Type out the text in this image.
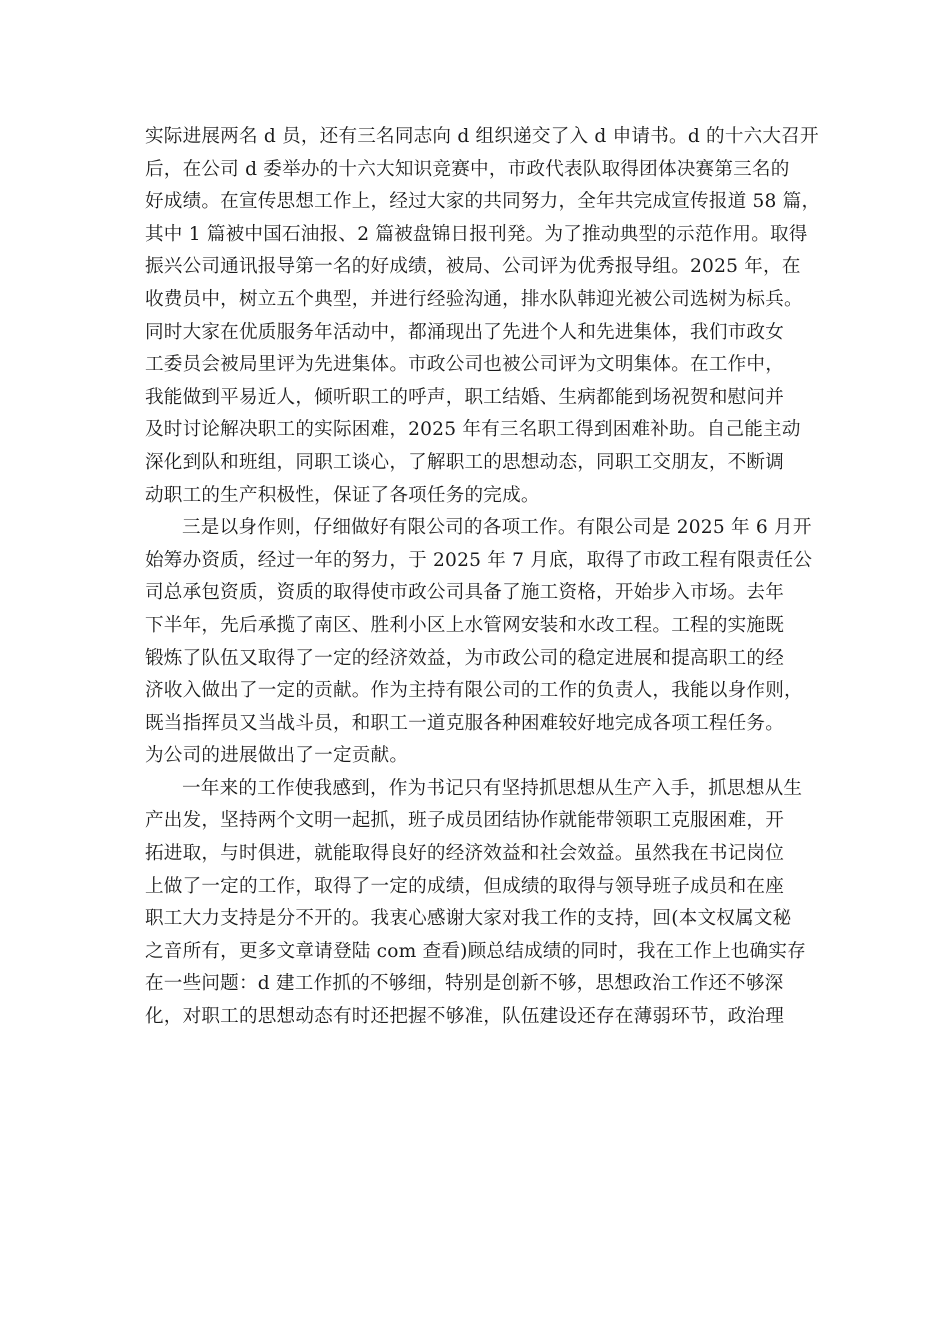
实际进展两名 d 员，还有三名同志向 d 组织递交了入 d 申请书。d 的十六大召开
后，在公司 d 委举办的十六大知识竞赛中，市政代表队取得团体决赛第三名的
好成绩。在宣传思想工作上，经过大家的共同努力，全年共完成宣传报道 58 篇，
其中 1 篇被中国石油报、2 篇被盘锦日报刊発。为了推动典型的示范作用。取得
振兴公司通讯报导第一名的好成绩，被局、公司评为优秀报导组。2025 年，在
收费员中，树立五个典型，并进行经验沟通，排水队韩迎光被公司选树为标兵。
同时大家在优质服务年活动中，都涌现出了先进个人和先进集体，我们市政女
工委员会被局里评为先进集体。市政公司也被公司评为文明集体。在工作中，
我能做到平易近人，倾听职工的呼声，职工结婚、生病都能到场祝贺和慰问并
及时讨论解决职工的实际困难，2025 年有三名职工得到困难补助。自己能主动
深化到队和班组，同职工谈心，了解职工的思想动态，同职工交朋友，不断调
动职工的生产积极性，保证了各项任务的完成。
三是以身作则，仔细做好有限公司的各项工作。有限公司是 2025 年 6 月开
始筹办资质，经过一年的努力，于 2025 年 7 月底，取得了市政工程有限责任公
司总承包资质，资质的取得使市政公司具备了施工资格，开始步入市场。去年
下半年，先后承揽了南区、胜利小区上水管网安装和水改工程。工程的实施既
锻炼了队伍又取得了一定的经济效益，为市政公司的稳定进展和提高职工的经
济收入做出了一定的贡献。作为主持有限公司的工作的负责人，我能以身作则，
既当指挥员又当战斗员，和职工一道克服各种困难较好地完成各项工程任务。
为公司的进展做出了一定贡献。
一年来的工作使我感到，作为书记只有坚持抓思想从生产入手，抓思想从生
产出发，坚持两个文明一起抓，班子成员团结协作就能带领职工克服困难，开
拓进取，与时俱进，就能取得良好的经济效益和社会效益。虽然我在书记岗位
上做了一定的工作，取得了一定的成绩，但成绩的取得与领导班子成员和在座
职工大力支持是分不开的。我衷心感谢大家对我工作的支持，回(本文权属文秘
之音所有，更多文章请登陆 com 查看)顾总结成绩的同时，我在工作上也确实存
在一些问题：d 建工作抓的不够细，特别是创新不够，思想政治工作还不够深
化，对职工的思想动态有时还把握不够准，队伍建设还存在薄弱环节，政治理
